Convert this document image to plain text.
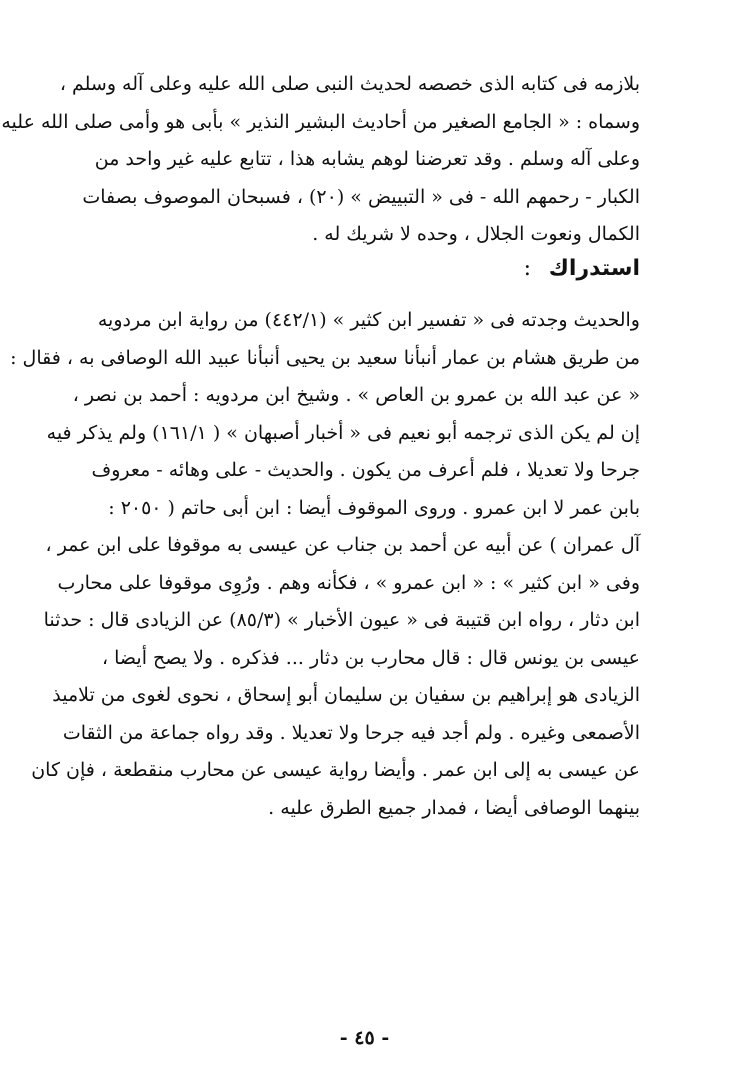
بلازمه فى كتابه الذى خصصه لحديث النبى صلى الله عليه وعلى آله وسلم ،
وسماه : « الجامع الصغير من أحاديث البشير النذير » بأبى هو وأمى صلى الله عليه
وعلى آله وسلم . وقد تعرضنا لوهم يشابه هذا ، تتابع عليه غير واحد من
الكبار - رحمهم الله - فى « التبييض » (٢٠) ، فسبحان الموصوف بصفات
الكمال ونعوت الجلال ، وحده لا شريك له .
استدراك :
والحديث وجدته فى « تفسير ابن كثير » (٤٤٢/١) من رواية ابن مردويه
من طريق هشام بن عمار أنبأنا سعيد بن يحيى أنبأنا عبيد الله الوصافى به ، فقال :
« عن عبد الله بن عمرو بن العاص » . وشيخ ابن مردويه : أحمد بن نصر ،
إن لم يكن الذى ترجمه أبو نعيم فى « أخبار أصبهان » ( ١٦١/١) ولم يذكر فيه
جرحا ولا تعديلا ، فلم أعرف من يكون . والحديث - على وهائه - معروف
بابن عمر لا ابن عمرو . وروى الموقوف أيضا : ابن أبى حاتم ( ٢٠٥٠ :
آل عمران ) عن أبيه عن أحمد بن جناب عن عيسى به موقوفا على ابن عمر ،
وفى « ابن كثير » : « ابن عمرو » ، فكأنه وهم . ورُوِى موقوفا على محارب
ابن دثار ، رواه ابن قتيبة فى « عيون الأخبار » (٨٥/٣) عن الزيادى قال : حدثنا
عيسى بن يونس قال : قال محارب بن دثار ... فذكره . ولا يصح أيضا ،
الزيادى هو إبراهيم بن سفيان بن سليمان أبو إسحاق ، نحوى لغوى من تلاميذ
الأصمعى وغيره . ولم أجد فيه جرحا ولا تعديلا . وقد رواه جماعة من الثقات
عن عيسى به إلى ابن عمر . وأيضا رواية عيسى عن محارب منقطعة ، فإن كان
بينهما الوصافى أيضا ، فمدار جميع الطرق عليه .
- ٤٥ -
